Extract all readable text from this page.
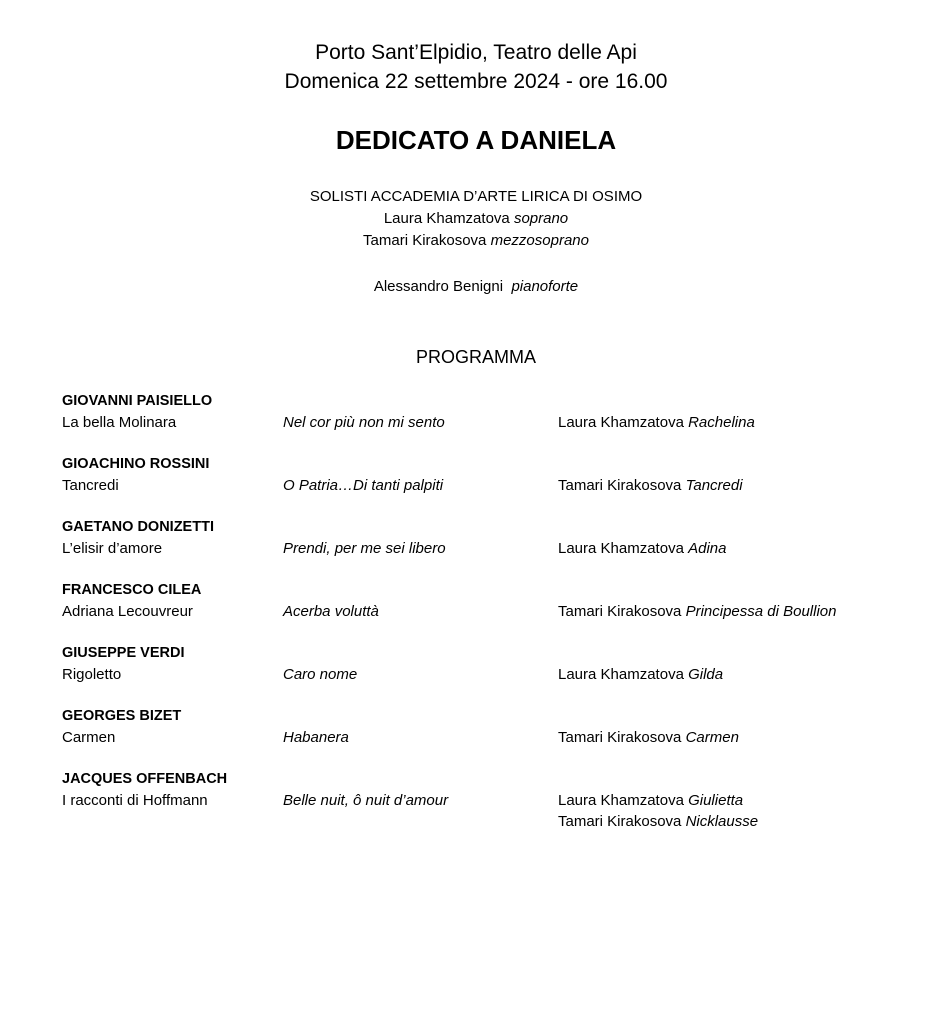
Porto Sant’Elpidio, Teatro delle Api
Domenica 22 settembre 2024 - ore 16.00
DEDICATO A DANIELA
SOLISTI ACCADEMIA D’ARTE LIRICA DI OSIMO
Laura Khamzatova soprano
Tamari Kirakosova mezzosoprano
Alessandro Benigni pianoforte
PROGRAMMA
GIOVANNI PAISIELLO
La bella Molinara	Nel cor più non mi sento	Laura Khamzatova Rachelina
GIOACHINO ROSSINI
Tancredi	O Patria…Di tanti palpiti	Tamari Kirakosova Tancredi
GAETANO DONIZETTI
L’elisir d’amore	Prendi, per me sei libero	Laura Khamzatova Adina
FRANCESCO CILEA
Adriana Lecouvreur	Acerba voluttà	Tamari Kirakosova Principessa di Boullion
GIUSEPPE VERDI
Rigoletto	Caro nome	Laura Khamzatova Gilda
GEORGES BIZET
Carmen	Habanera	Tamari Kirakosova Carmen
JACQUES OFFENBACH
I racconti di Hoffmann	Belle nuit, ô nuit d’amour	Laura Khamzatova Giulietta
Tamari Kirakosova Nicklausse
